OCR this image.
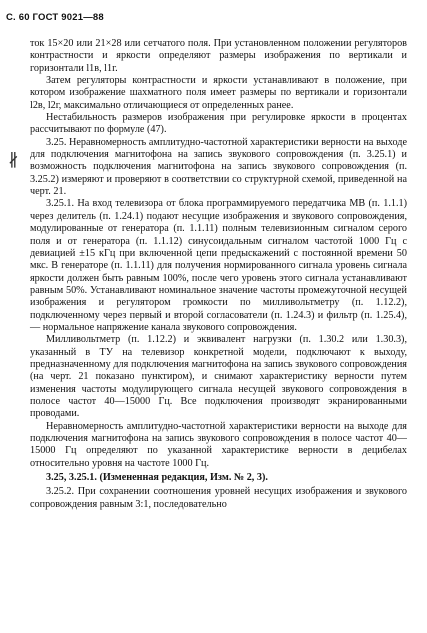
С. 60 ГОСТ 9021—88
∦

ток 15×20 или 21×28 или сетчатого поля. При установленном положении регуляторов контрастности и яркости определяют размеры изображения по вертикали и горизонтали l1в, l1г.

Затем регуляторы контрастности и яркости устанавливают в положение, при котором изображение шахматного поля имеет размеры по вертикали и горизонтали l2в, l2г, максимально отличающиеся от определенных ранее.

Нестабильность размеров изображения при регулировке яркости в процентах рассчитывают по формуле (47).

3.25. Неравномерность амплитудно-частотной характеристики верности на выходе для подключения магнитофона на запись звукового сопровождения (п. 3.25.1) и возможность подключения магнитофона на запись звукового сопровождения (п. 3.25.2) измеряют и проверяют в соответствии со структурной схемой, приведенной на черт. 21.

3.25.1. На вход телевизора от блока программируемого передатчика МВ (п. 1.1.1) через делитель (п. 1.24.1) подают несущие изображения и звукового сопровождения, модулированные от генератора (п. 1.1.11) полным телевизионным сигналом серого поля и от генератора (п. 1.1.12) синусоидальным сигналом частотой 1000 Гц с девиацией ±15 кГц при включенной цепи предыскажений с постоянной времени 50 мкс. В генераторе (п. 1.1.11) для получения нормированного сигнала уровень сигнала яркости должен быть равным 100%, после чего уровень этого сигнала устанавливают равным 50%. Устанавливают номинальное значение частоты промежуточной несущей изображения и регулятором громкости по милливольтметру (п. 1.12.2), подключенному через первый и второй согласователи (п. 1.24.3) и фильтр (п. 1.25.4), — нормальное напряжение канала звукового сопровождения.

Милливольтметр (п. 1.12.2) и эквивалент нагрузки (п. 1.30.2 или 1.30.3), указанный в ТУ на телевизор конкретной модели, подключают к выходу, предназначенному для подключения магнитофона на запись звукового сопровождения (на черт. 21 показано пунктиром), и снимают характеристику верности путем изменения частоты модулирующего сигнала несущей звукового сопровождения в полосе частот 40—15000 Гц. Все подключения производят экранированными проводами.

Неравномерность амплитудно-частотной характеристики верности на выходе для подключения магнитофона на запись звукового сопровождения в полосе частот 40—15000 Гц определяют по указанной характеристике верности в децибелах относительно уровня на частоте 1000 Гц.

3.25, 3.25.1. (Измененная редакция, Изм. № 2, 3).

3.25.2. При сохранении соотношения уровней несущих изображения и звукового сопровождения равным 3:1, последовательно
